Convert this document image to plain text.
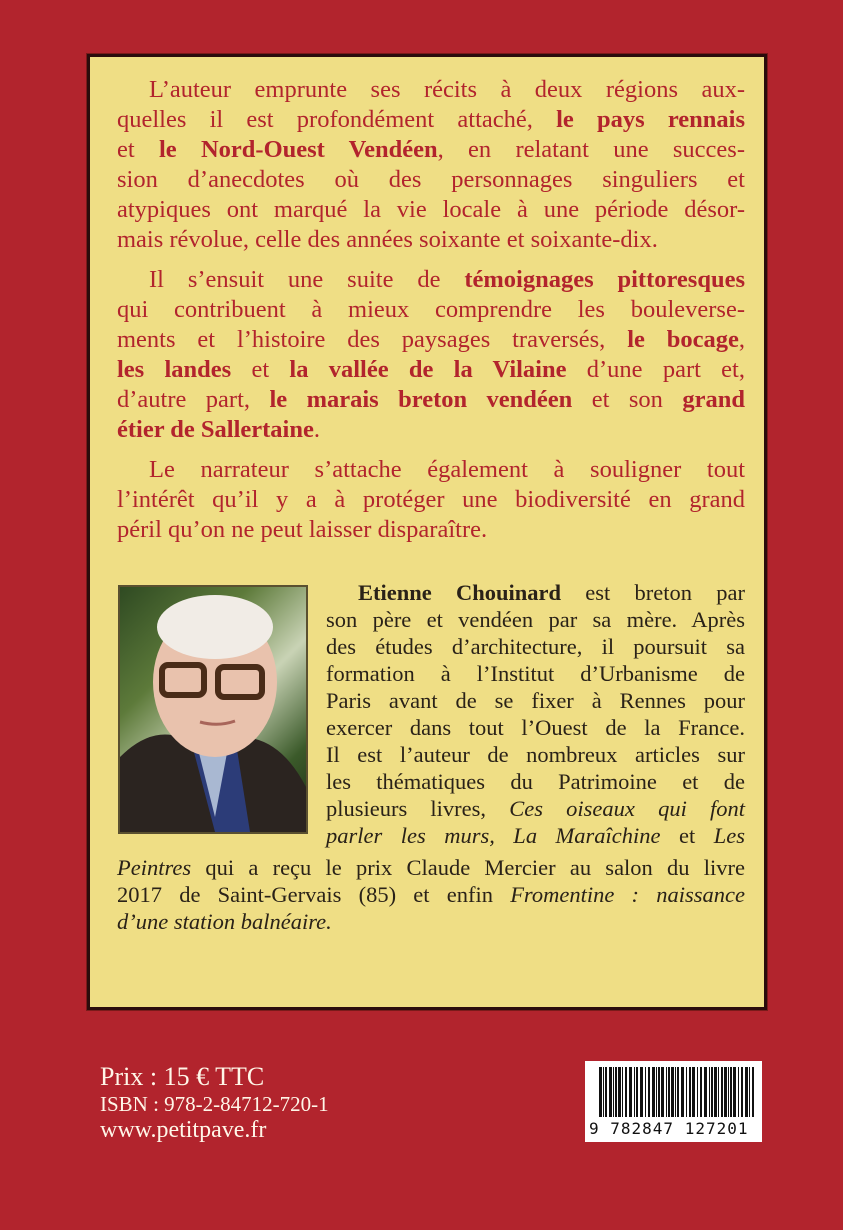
L’auteur emprunte ses récits à deux régions aux-
quelles il est profondément attaché, le pays rennais
et le Nord-Ouest Vendéen, en relatant une succes-
sion d’anecdotes où des personnages singuliers et
atypiques ont marqué la vie locale à une période désor-
mais révolue, celle des années soixante et soixante-dix.
Il s’ensuit une suite de témoignages pittoresques
qui contribuent à mieux comprendre les bouleverse-
ments et l’histoire des paysages traversés, le bocage,
les landes et la vallée de la Vilaine d’une part et,
d’autre part, le marais breton vendéen et son grand
étier de Sallertaine.
Le narrateur s’attache également à souligner tout
l’intérêt qu’il y a à protéger une biodiversité en grand
péril qu’on ne peut laisser disparaître.
Etienne Chouinard est breton par
son père et vendéen par sa mère. Après
des études d’architecture, il poursuit sa
formation à l’Institut d’Urbanisme de
Paris avant de se fixer à Rennes pour
exercer dans tout l’Ouest de la France.
Il est l’auteur de nombreux articles sur
les thématiques du Patrimoine et de
plusieurs livres, Ces oiseaux qui font
parler les murs, La Maraîchine et Les
Peintres qui a reçu le prix Claude Mercier au salon du livre
2017 de Saint-Gervais (85) et enfin Fromentine : naissance
d’une station balnéaire.
Prix : 15 € TTC
ISBN : 978-2-84712-720-1
www.petitpave.fr	9 782847 127201
